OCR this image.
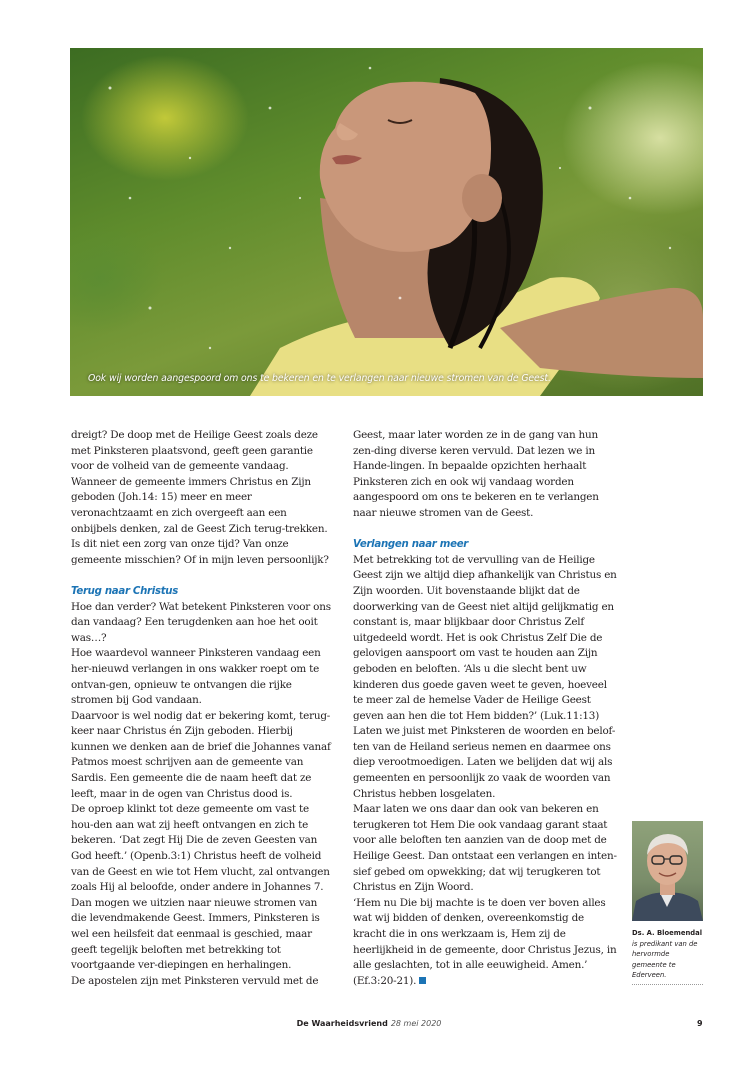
Ook wij worden aangespoord om ons te bekeren en te verlangen naar nieuwe stromen van de Geest.

dreigt? De doop met de Heilige Geest zoals deze met Pinksteren plaatsvond, geeft geen garantie voor de volheid van de gemeente vandaag. Wanneer de gemeente immers Christus en Zijn geboden (Joh.14: 15) meer en meer veronachtzaamt en zich overgeeft aan een onbijbels denken, zal de Geest Zich terug-trekken.

Is dit niet een zorg van onze tijd? Van onze gemeente misschien? Of in mijn leven persoonlijk?

Terug naar Christus

Hoe dan verder? Wat betekent Pinksteren voor ons dan vandaag? Een terugdenken aan hoe het ooit was…?

Hoe waardevol wanneer Pinksteren vandaag een her-nieuwd verlangen in ons wakker roept om te ontvan-gen, opnieuw te ontvangen die rijke stromen bij God vandaan.

Daarvoor is wel nodig dat er bekering komt, terug-keer naar Christus én Zijn geboden. Hierbij kunnen we denken aan de brief die Johannes vanaf Patmos moest schrijven aan de gemeente van Sardis. Een gemeente die de naam heeft dat ze leeft, maar in de ogen van Christus dood is.

De oproep klinkt tot deze gemeente om vast te hou-den aan wat zij heeft ontvangen en zich te bekeren. ‘Dat zegt Hij Die de zeven Geesten van God heeft.’ (Openb.3:1) Christus heeft de volheid van de Geest en wie tot Hem vlucht, zal ontvangen zoals Hij al beloofde, onder andere in Johannes 7.

Dan mogen we uitzien naar nieuwe stromen van die levendmakende Geest. Immers, Pinksteren is wel een heilsfeit dat eenmaal is geschied, maar geeft tegelijk beloften met betrekking tot voortgaande ver-diepingen en herhalingen.

De apostelen zijn met Pinksteren vervuld met de

Geest, maar later worden ze in de gang van hun zen-ding diverse keren vervuld. Dat lezen we in Hande-lingen. In bepaalde opzichten herhaalt Pinksteren zich en ook wij vandaag worden aangespoord om ons te bekeren en te verlangen naar nieuwe stromen van de Geest.

Verlangen naar meer

Met betrekking tot de vervulling van de Heilige Geest zijn we altijd diep afhankelijk van Christus en Zijn woorden. Uit bovenstaande blijkt dat de doorwerking van de Geest niet altijd gelijkmatig en constant is, maar blijkbaar door Christus Zelf uitgedeeld wordt. Het is ook Christus Zelf Die de gelovigen aanspoort om vast te houden aan Zijn geboden en beloften. ‘Als u die slecht bent uw kinderen dus goede gaven weet te geven, hoeveel te meer zal de hemelse Vader de Heilige Geest geven aan hen die tot Hem bidden?’ (Luk.11:13)

Laten we juist met Pinksteren de woorden en belof-ten van de Heiland serieus nemen en daarmee ons diep verootmoedigen. Laten we belijden dat wij als gemeenten en persoonlijk zo vaak de woorden van Christus hebben losgelaten.

Maar laten we ons daar dan ook van bekeren en terugkeren tot Hem Die ook vandaag garant staat voor alle beloften ten aanzien van de doop met de Heilige Geest. Dan ontstaat een verlangen en inten-sief gebed om opwekking; dat wij terugkeren tot Christus en Zijn Woord.

‘Hem nu Die bij machte is te doen ver boven alles wat wij bidden of denken, overeenkomstig de kracht die in ons werkzaam is, Hem zij de heerlijkheid in de gemeente, door Christus Jezus, in alle geslachten, tot in alle eeuwigheid. Amen.’ (Ef.3:20-21).

Ds. A. Bloemendal

is predikant van de hervormde gemeente te Ederveen.

De Waarheidsvriend 28 mei 2020	9
